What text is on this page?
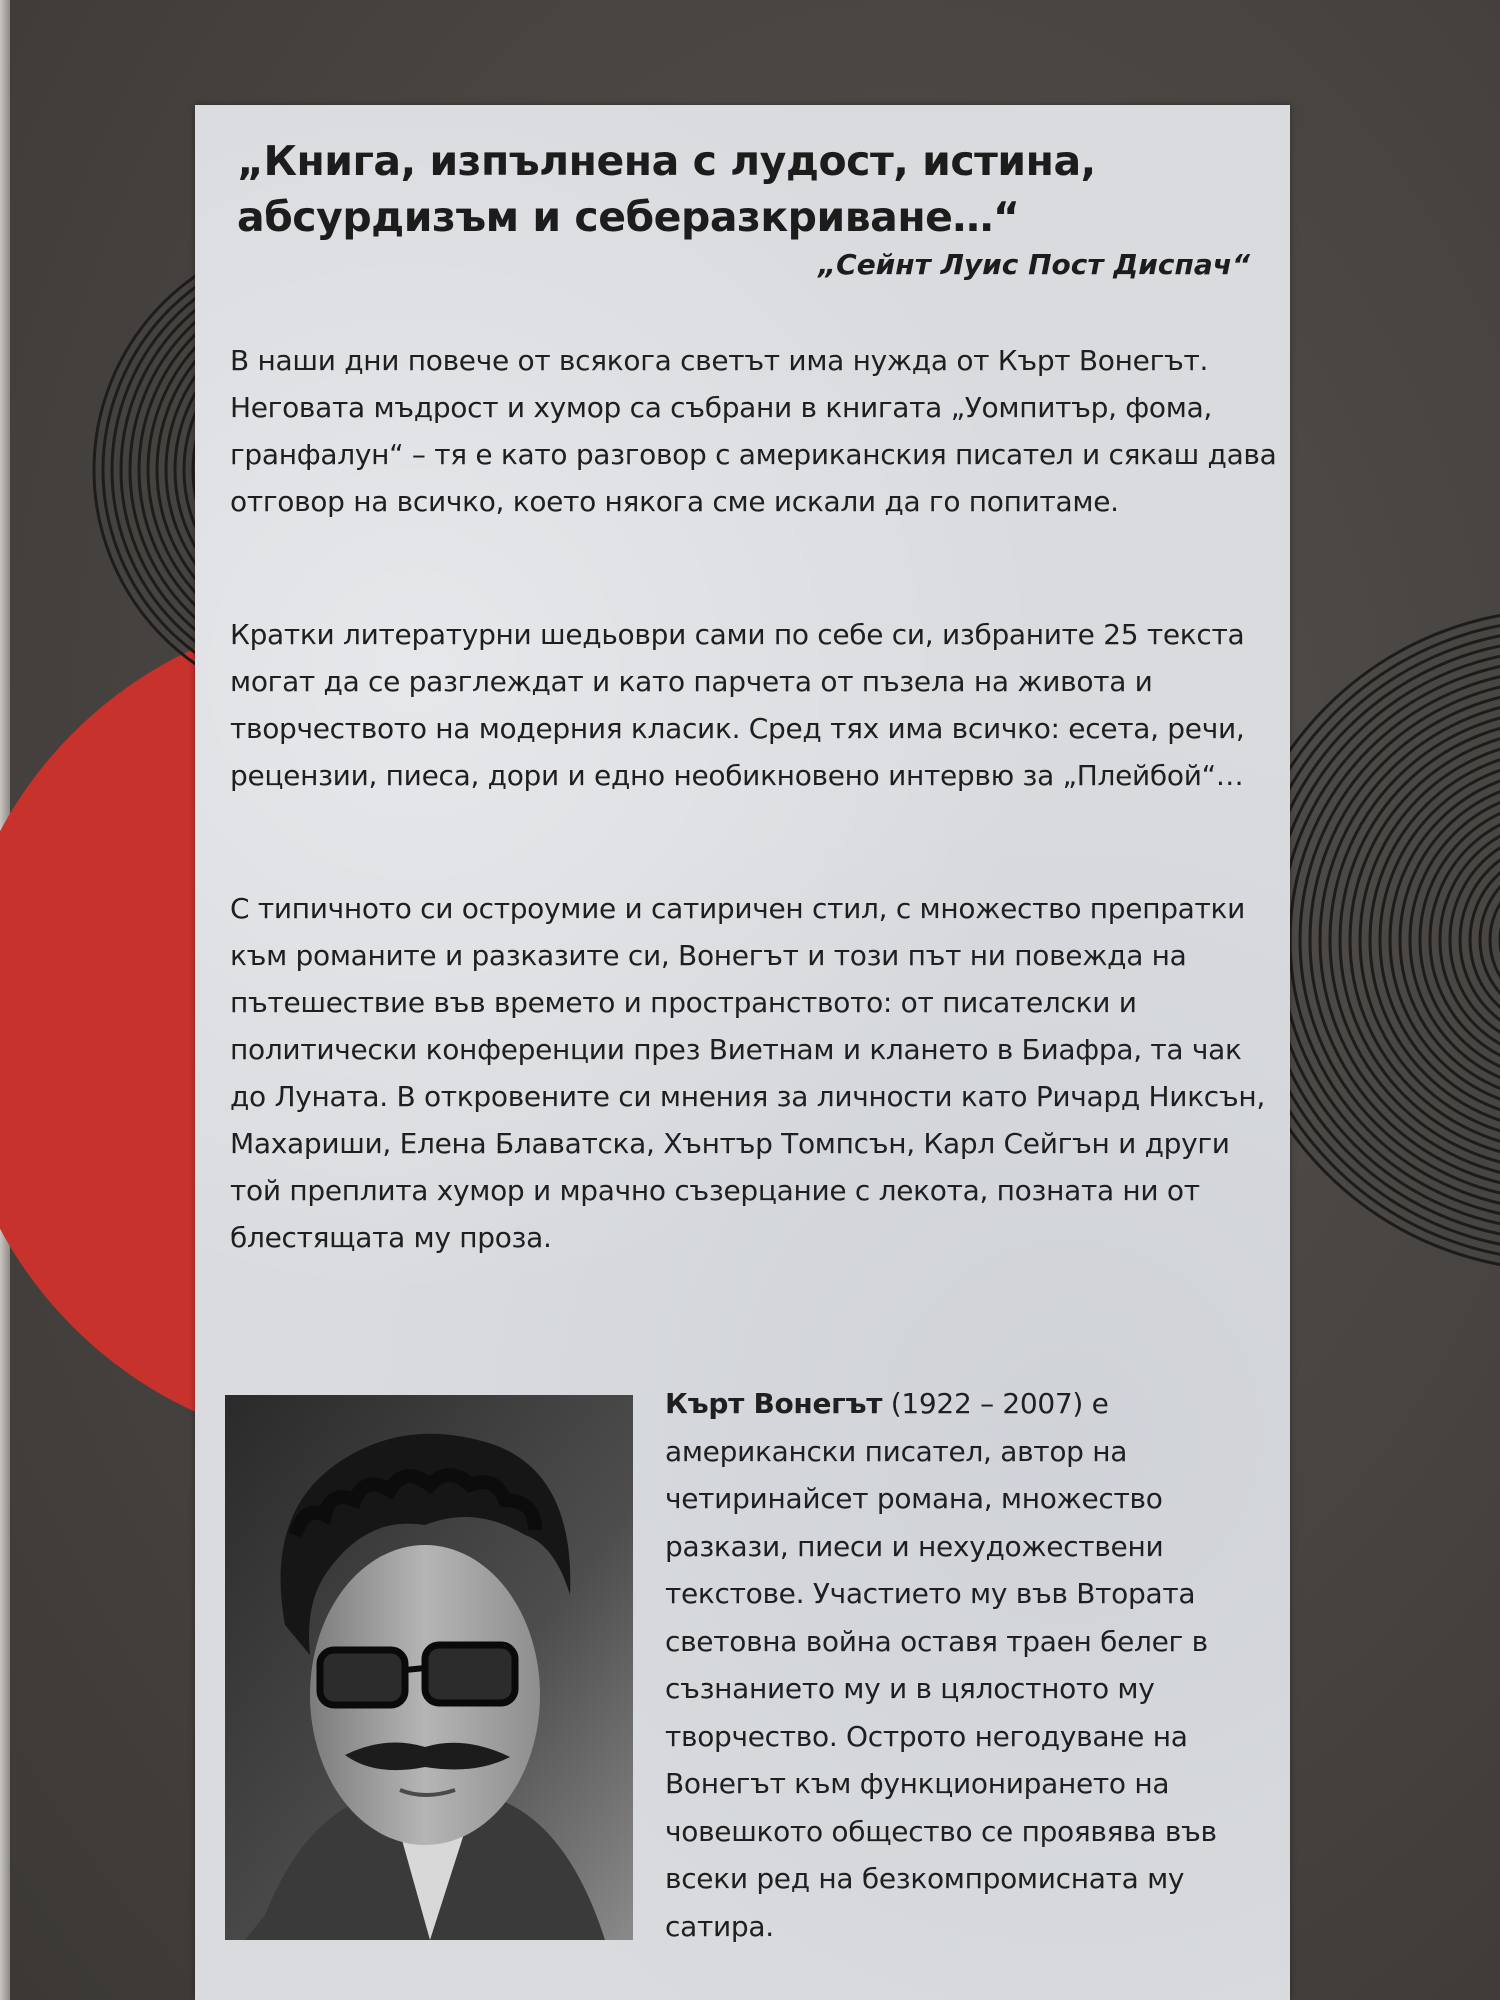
„Книга, изпълнена с лудост, истина, абсурдизъм и себеразкриване…“

„Сейнт Луис Пост Диспач“

В наши дни повече от всякога светът има нужда от Кърт Вонегът. Неговата мъдрост и хумор са събрани в книгата „Уомпитър, фома, гранфалун“ – тя е като разговор с американския писател и сякаш дава отговор на всичко, което някога сме искали да го попитаме.

Кратки литературни шедьоври сами по себе си, избраните 25 текста могат да се разглеждат и като парчета от пъзела на живота и творчеството на модерния класик. Сред тях има всичко: есета, речи, рецензии, пиеса, дори и едно необикновено интервю за „Плейбой“…

С типичното си остроумие и сатиричен стил, с множество препратки към романите и разказите си, Вонегът и този път ни повежда на пътешествие във времето и пространството: от писателски и политически конференции през Виетнам и кланeто в Биафра, та чак до Луната. В откровените си мнения за личности като Ричард Никсън, Махариши, Елена Блаватска, Хънтър Томпсън, Карл Сейгън и други той преплита хумор и мрачно съзерцание с лекота, позната ни от блестящата му проза.

Кърт Вонегът (1922 – 2007) е американски писател, автор на четиринайсет романа, множество разкази, пиеси и нехудожествени текстове. Участието му във Втората световна война оставя траен белег в съзнанието му и в цялостното му творчество. Острото негодуване на Вонегът към функционирането на човешкото общество се проявява във всеки ред на безкомпромисната му сатира.
